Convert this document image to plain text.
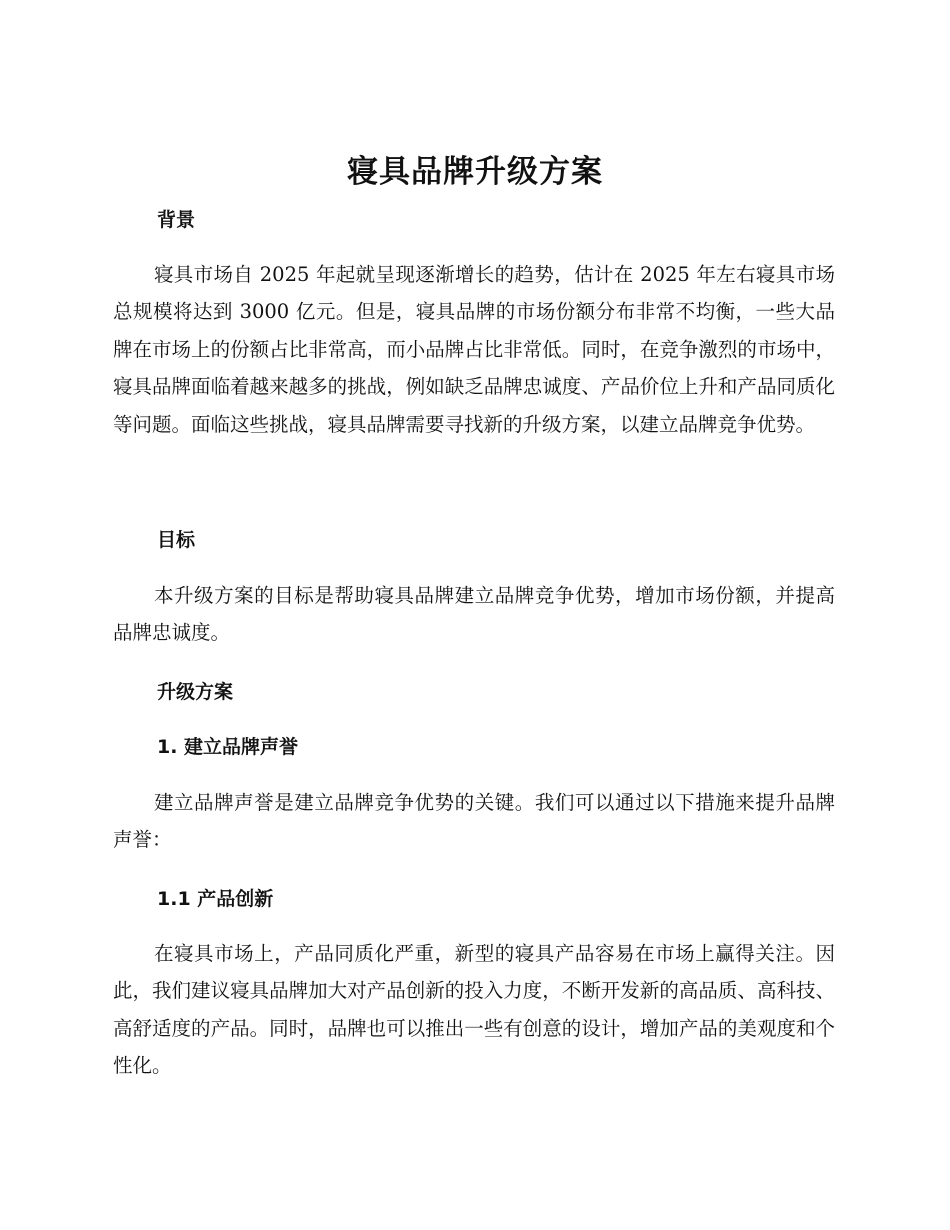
寝具品牌升级方案
背景

寝具市场自 2025 年起就呈现逐渐增长的趋势，估计在 2025 年左右寝具市场总规模将达到 3000 亿元。但是，寝具品牌的市场份额分布非常不均衡，一些大品牌在市场上的份额占比非常高，而小品牌占比非常低。同时，在竞争激烈的市场中，寝具品牌面临着越来越多的挑战，例如缺乏品牌忠诚度、产品价位上升和产品同质化等问题。面临这些挑战，寝具品牌需要寻找新的升级方案，以建立品牌竞争优势。

目标

本升级方案的目标是帮助寝具品牌建立品牌竞争优势，增加市场份额，并提高品牌忠诚度。

升级方案
1. 建立品牌声誉

建立品牌声誉是建立品牌竞争优势的关键。我们可以通过以下措施来提升品牌声誉：

1.1 产品创新

在寝具市场上，产品同质化严重，新型的寝具产品容易在市场上赢得关注。因此，我们建议寝具品牌加大对产品创新的投入力度，不断开发新的高品质、高科技、高舒适度的产品。同时，品牌也可以推出一些有创意的设计，增加产品的美观度和个性化。
